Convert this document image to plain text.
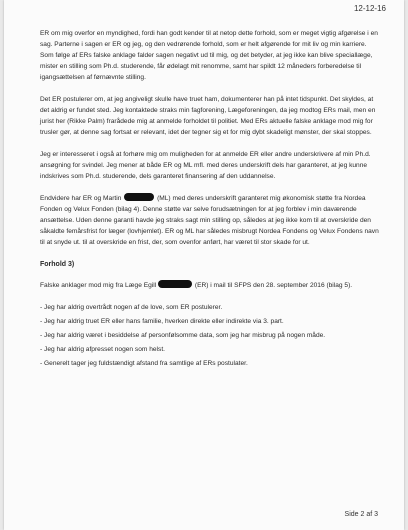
12-12-16

ER om mig overfor en myndighed, fordi han godt kender til at netop dette forhold, som er meget vigtig afgørelse i en sag. Parterne i sagen er ER og jeg, og den vedrørende forhold, som er helt afgørende for mit liv og min karriere. Som følge af ERs falske anklage falder sagen negativt ud til mig, og det betyder, at jeg ikke kan blive speciallæge, mister en stilling som Ph.d. studerende, får ødelagt mit renomme, samt har spildt 12 måneders forberedelse til igangsættelsen af førnævnte stilling.

Det ER postulerer om, at jeg angiveligt skulle have truet ham, dokumenterer han på intet tidspunkt. Det skyldes, at det aldrig er fundet sted. Jeg kontaktede straks min fagforening, Lægeforeningen, da jeg modtog ERs mail, men en jurist her (Rikke Palm) frarådede mig at anmelde forholdet til politiet. Med ERs aktuelle falske anklage mod mig for trusler gør, at denne sag fortsat er relevant, idet der tegner sig et for mig dybt skadeligt mønster, der skal stoppes.

Jeg er interesseret i også at forhøre mig om muligheden for at anmelde ER eller andre underskrivere af min Ph.d. ansøgning for svindel. Jeg mener at både ER og ML mfl. med deres underskrift dels har garanteret, at jeg kunne indskrives som Ph.d. studerende, dels garanteret finansering af den uddannelse.

Endvidere har ER og Martin	(ML) med deres underskrift garanteret mig økonomisk støtte fra Nordea Fonden og Velux Fonden (bilag 4). Denne støtte var selve forudsætningen for at jeg forblev i min daværende ansættelse. Uden denne garanti havde jeg straks sagt min stilling op, således at jeg ikke kom til at overskride den såkaldte femårsfrist for læger (lovhjemlet). ER og ML har således misbrugt Nordea Fondens og Velux Fondens navn til at snyde ut. til at overskride en frist, der, som ovenfor anført, har været til stor skade for ut.

Forhold 3)

Falske anklager mod mig fra Læge Egill	(ER) i mail til SFPS den 28. september 2016 (bilag 5).

- Jeg har aldrig overtrådt nogen af de love, som ER postulerer.
- Jeg har aldrig truet ER eller hans familie, hverken direkte eller indirekte via 3. part.
- Jeg har aldrig været i besiddelse af personfølsomme data, som jeg har misbrug på nogen måde.
- Jeg har aldrig afpresset nogen som helst.
- Generelt tager jeg fuldstændigt afstand fra samtlige af ERs postulater.
Side 2 af 3
